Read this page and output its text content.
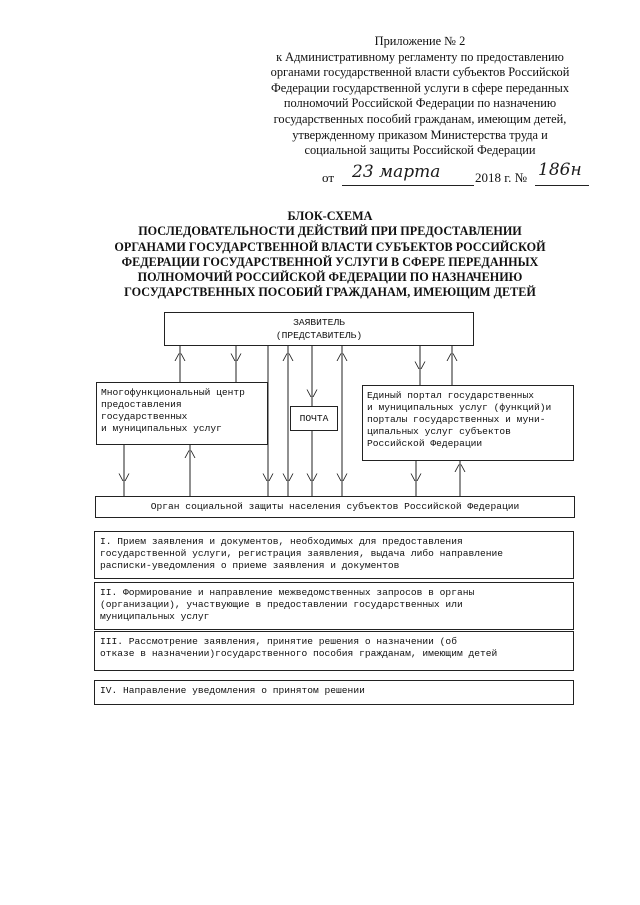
Приложение № 2
к Административному регламенту по предоставлению
органами государственной власти субъектов Российской
Федерации государственной услуги в сфере переданных
полномочий Российской Федерации по назначению
государственных пособий гражданам, имеющим детей,
утвержденному приказом Министерства труда и
социальной защиты Российской Федерации
от 23 марта	2018 г. № 186н
БЛОК-СХЕМА
ПОСЛЕДОВАТЕЛЬНОСТИ ДЕЙСТВИЙ ПРИ ПРЕДОСТАВЛЕНИИ
ОРГАНАМИ ГОСУДАРСТВЕННОЙ ВЛАСТИ СУБЪЕКТОВ РОССИЙСКОЙ
ФЕДЕРАЦИИ ГОСУДАРСТВЕННОЙ УСЛУГИ В СФЕРЕ ПЕРЕДАННЫХ
ПОЛНОМОЧИЙ РОССИЙСКОЙ ФЕДЕРАЦИИ ПО НАЗНАЧЕНИЮ
ГОСУДАРСТВЕННЫХ ПОСОБИЙ ГРАЖДАНАМ, ИМЕЮЩИМ ДЕТЕЙ
ЗАЯВИТЕЛЬ
(ПРЕДСТАВИТЕЛЬ)
Многофункциональный центр
предоставления
государственных
и муниципальных услуг
ПОЧТА
Единый портал государственных
и муниципальных услуг (функций)и
порталы государственных и муни-
ципальных услуг субъектов
Российской Федерации
Орган социальной защиты населения субъектов Российской Федерации
/\	\/	/\	/\
\/
\/
/\
\/
/\
\/ \/ \/ \/	\/
/\
I. Прием заявления и документов, необходимых для предоставления
государственной услуги, регистрация заявления, выдача либо направление
расписки-уведомления о приеме заявления и документов
II. Формирование и направление межведомственных запросов в органы
(организации), участвующие в предоставлении государственных или
муниципальных услуг
III. Рассмотрение заявления, принятие решения о назначении (об
отказе в назначении)государственного пособия гражданам, имеющим детей
IV. Направление уведомления о принятом решении
